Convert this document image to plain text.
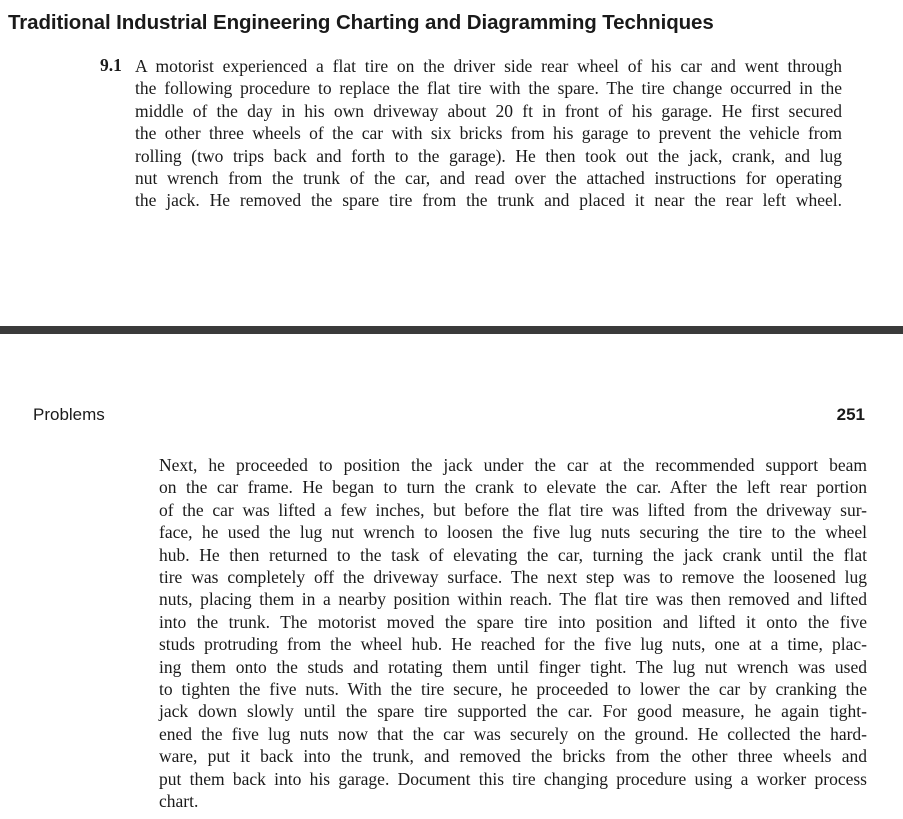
Traditional Industrial Engineering Charting and Diagramming Techniques
9.1 A motorist experienced a flat tire on the driver side rear wheel of his car and went through
the following procedure to replace the flat tire with the spare. The tire change occurred in the
middle of the day in his own driveway about 20 ft in front of his garage. He first secured
the other three wheels of the car with six bricks from his garage to prevent the vehicle from
rolling (two trips back and forth to the garage). He then took out the jack, crank, and lug
nut wrench from the trunk of the car, and read over the attached instructions for operating
the jack. He removed the spare tire from the trunk and placed it near the rear left wheel.
Problems	251
Next, he proceeded to position the jack under the car at the recommended support beam
on the car frame. He began to turn the crank to elevate the car. After the left rear portion
of the car was lifted a few inches, but before the flat tire was lifted from the driveway sur-
face, he used the lug nut wrench to loosen the five lug nuts securing the tire to the wheel
hub. He then returned to the task of elevating the car, turning the jack crank until the flat
tire was completely off the driveway surface. The next step was to remove the loosened lug
nuts, placing them in a nearby position within reach. The flat tire was then removed and lifted
into the trunk. The motorist moved the spare tire into position and lifted it onto the five
studs protruding from the wheel hub. He reached for the five lug nuts, one at a time, plac-
ing them onto the studs and rotating them until finger tight. The lug nut wrench was used
to tighten the five nuts. With the tire secure, he proceeded to lower the car by cranking the
jack down slowly until the spare tire supported the car. For good measure, he again tight-
ened the five lug nuts now that the car was securely on the ground. He collected the hard-
ware, put it back into the trunk, and removed the bricks from the other three wheels and
put them back into his garage. Document this tire changing procedure using a worker process
chart.
